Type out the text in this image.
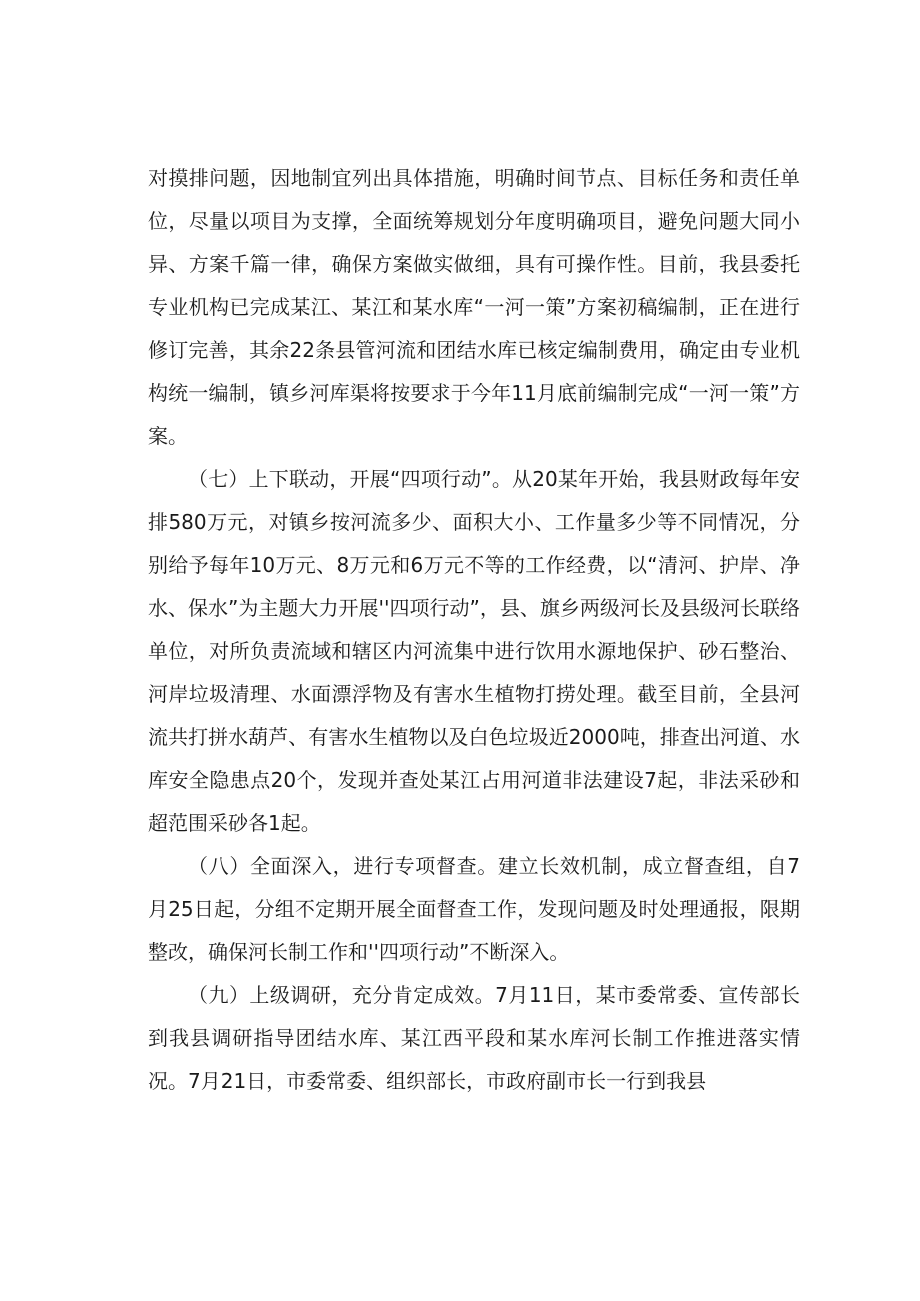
对摸排问题，因地制宜列出具体措施，明确时间节点、目标任务和责任单位，尽量以项目为支撑，全面统筹规划分年度明确项目，避免问题大同小异、方案千篇一律，确保方案做实做细，具有可操作性。目前，我县委托专业机构已完成某江、某江和某水库“一河一策”方案初稿编制，正在进行修订完善，其余22条县管河流和团结水库已核定编制费用，确定由专业机构统一编制，镇乡河库渠将按要求于今年11月底前编制完成“一河一策”方案。

（七）上下联动，开展“四项行动”。从20某年开始，我县财政每年安排580万元，对镇乡按河流多少、面积大小、工作量多少等不同情况，分别给予每年10万元、8万元和6万元不等的工作经费，以“清河、护岸、净水、保水”为主题大力开展''四项行动”，县、旗乡两级河长及县级河长联络单位，对所负责流域和辖区内河流集中进行饮用水源地保护、砂石整治、河岸垃圾清理、水面漂浮物及有害水生植物打捞处理。截至目前，全县河流共打拼水葫芦、有害水生植物以及白色垃圾近2000吨，排查出河道、水库安全隐患点20个，发现并查处某江占用河道非法建设7起，非法采砂和超范围采砂各1起。

（八）全面深入，进行专项督查。建立长效机制，成立督查组，自7月25日起，分组不定期开展全面督查工作，发现问题及时处理通报，限期整改，确保河长制工作和''四项行动”不断深入。

（九）上级调研，充分肯定成效。7月11日，某市委常委、宣传部长到我县调研指导团结水库、某江西平段和某水库河长制工作推进落实情况。7月21日，市委常委、组织部长，市政府副市长一行到我县
